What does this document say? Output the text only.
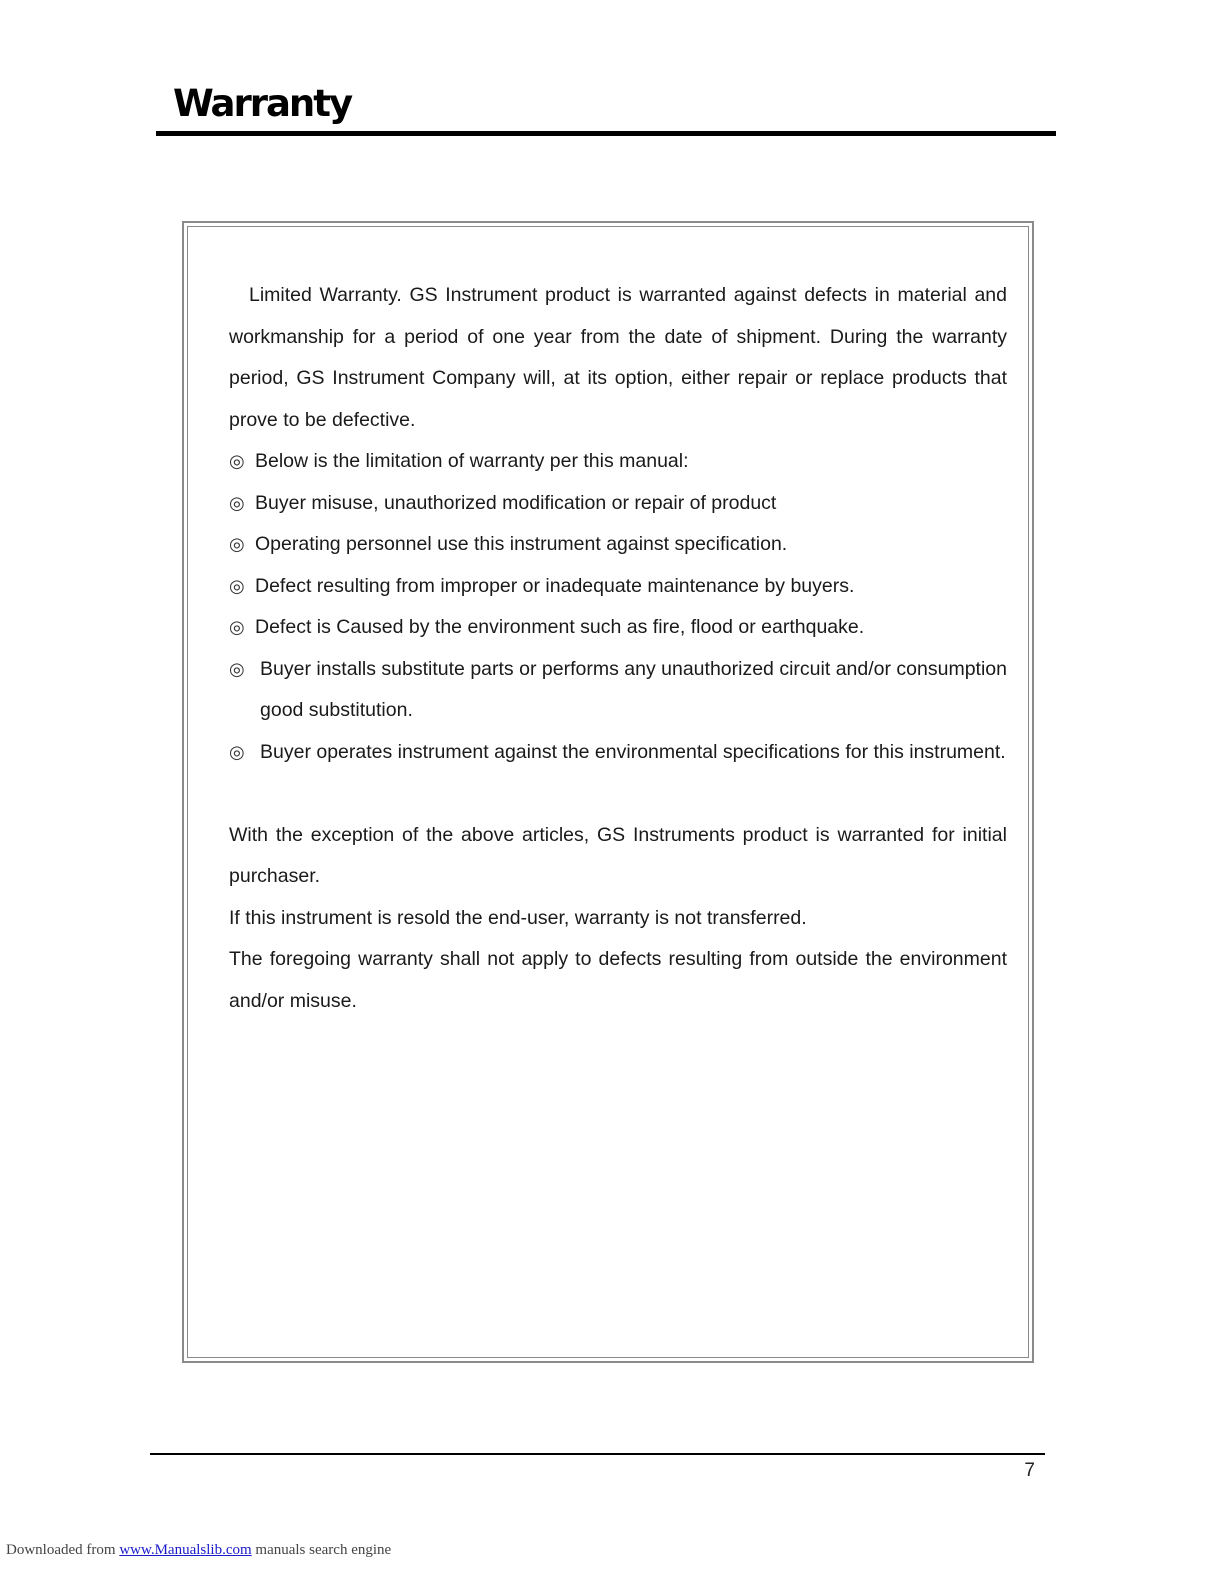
Warranty

Limited Warranty. GS Instrument product is warranted against defects in material and workmanship for a period of one year from the date of shipment. During the warranty period, GS Instrument Company will, at its option, either repair or replace products that prove to be defective.

◎ Below is the limitation of warranty per this manual:
◎ Buyer misuse, unauthorized modification or repair of product
◎ Operating personnel use this instrument against specification.
◎ Defect resulting from improper or inadequate maintenance by buyers.
◎ Defect is Caused by the environment such as fire, flood or earthquake.
◎ Buyer installs substitute parts or performs any unauthorized circuit and/or consumption good substitution.
◎ Buyer operates instrument against the environmental specifications for this instrument.

With the exception of the above articles, GS Instruments product is warranted for initial purchaser.

If this instrument is resold the end-user, warranty is not transferred.

The foregoing warranty shall not apply to defects resulting from outside the environment and/or misuse.

7
Downloaded from www.Manualslib.com manuals search engine
